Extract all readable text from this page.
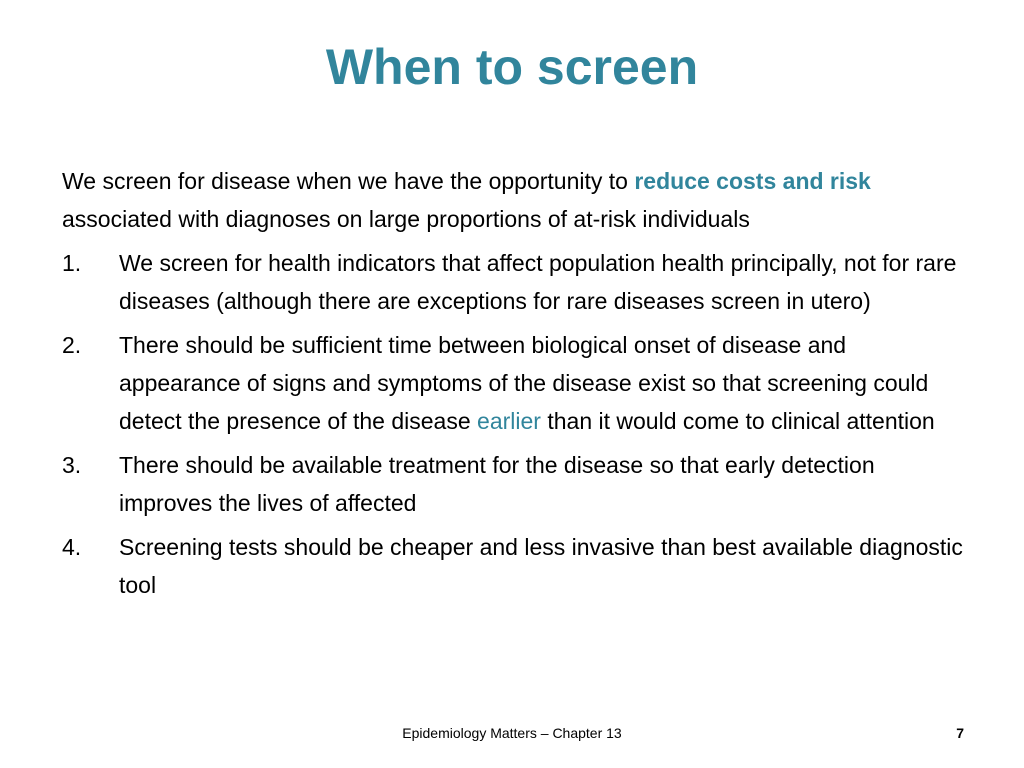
When to screen

We screen for disease when we have the opportunity to reduce costs and risk associated with diagnoses on large proportions of at-risk individuals

1.	We screen for health indicators that affect population health principally, not for rare diseases (although there are exceptions for rare diseases screen in utero)
2.	There should be sufficient time between biological onset of disease and appearance of signs and symptoms of the disease exist so that screening could detect the presence of the disease earlier than it would come to clinical attention
3.	There should be available treatment for the disease so that early detection improves the lives of affected
4.	Screening tests should be cheaper and less invasive than best available diagnostic tool
Epidemiology Matters – Chapter 13	7
